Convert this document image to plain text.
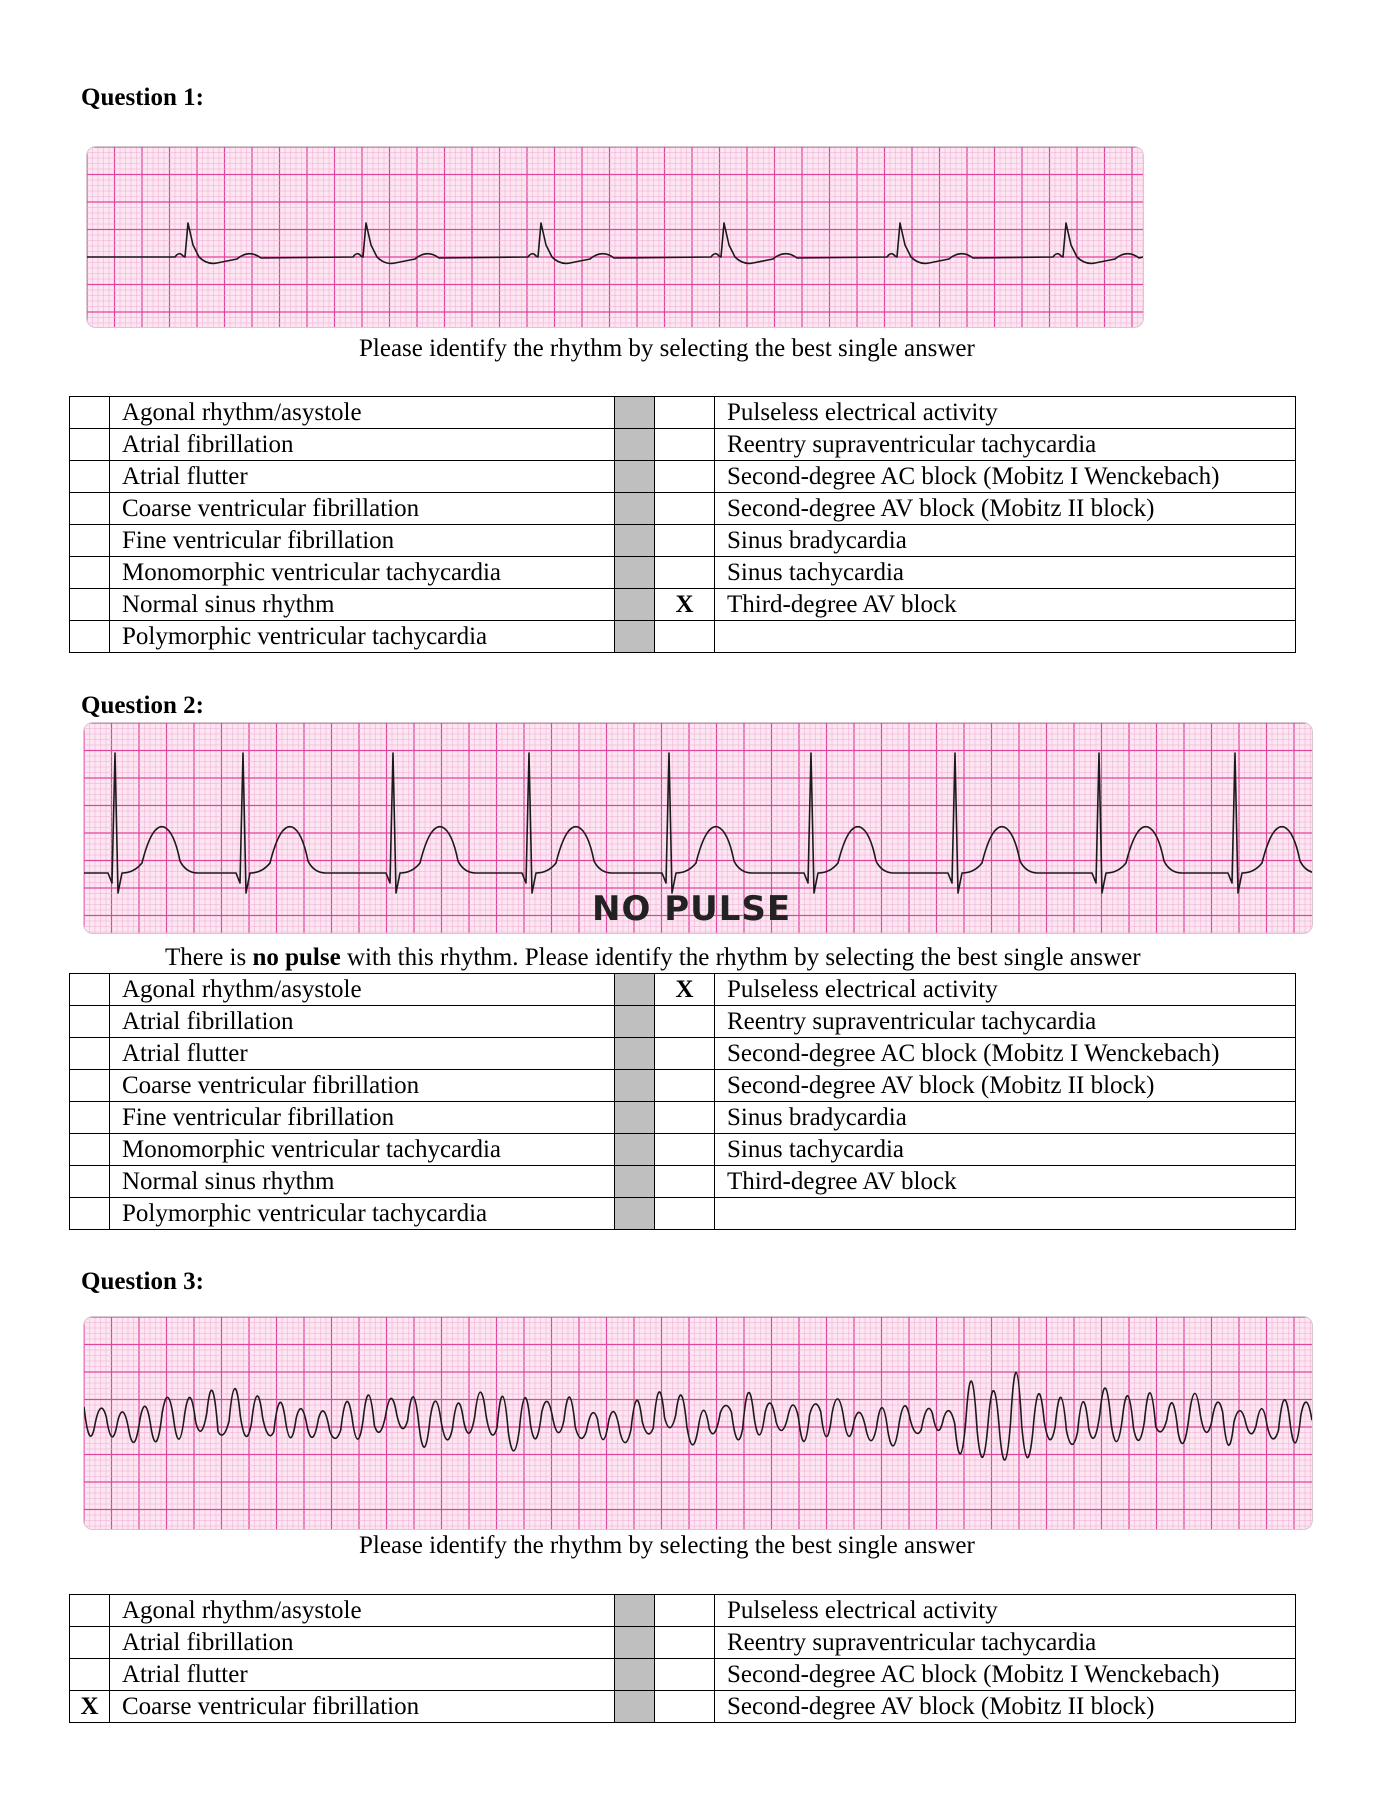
Question 1:
Please identify the rhythm by selecting the best single answer
	Agonal rhythm/asystole			Pulseless electrical activity
	Atrial fibrillation			Reentry supraventricular tachycardia
	Atrial flutter			Second-degree AC block (Mobitz I Wenckebach)
	Coarse ventricular fibrillation			Second-degree AV block (Mobitz II block)
	Fine ventricular fibrillation			Sinus bradycardia
	Monomorphic ventricular tachycardia			Sinus tachycardia
	Normal sinus rhythm		X	Third-degree AV block
	Polymorphic ventricular tachycardia			
Question 2:
NO PULSE
There is no pulse with this rhythm. Please identify the rhythm by selecting the best single answer
	Agonal rhythm/asystole		X	Pulseless electrical activity
	Atrial fibrillation			Reentry supraventricular tachycardia
	Atrial flutter			Second-degree AC block (Mobitz I Wenckebach)
	Coarse ventricular fibrillation			Second-degree AV block (Mobitz II block)
	Fine ventricular fibrillation			Sinus bradycardia
	Monomorphic ventricular tachycardia			Sinus tachycardia
	Normal sinus rhythm			Third-degree AV block
	Polymorphic ventricular tachycardia			
Question 3:
Please identify the rhythm by selecting the best single answer
	Agonal rhythm/asystole			Pulseless electrical activity
	Atrial fibrillation			Reentry supraventricular tachycardia
	Atrial flutter			Second-degree AC block (Mobitz I Wenckebach)
X	Coarse ventricular fibrillation			Second-degree AV block (Mobitz II block)
